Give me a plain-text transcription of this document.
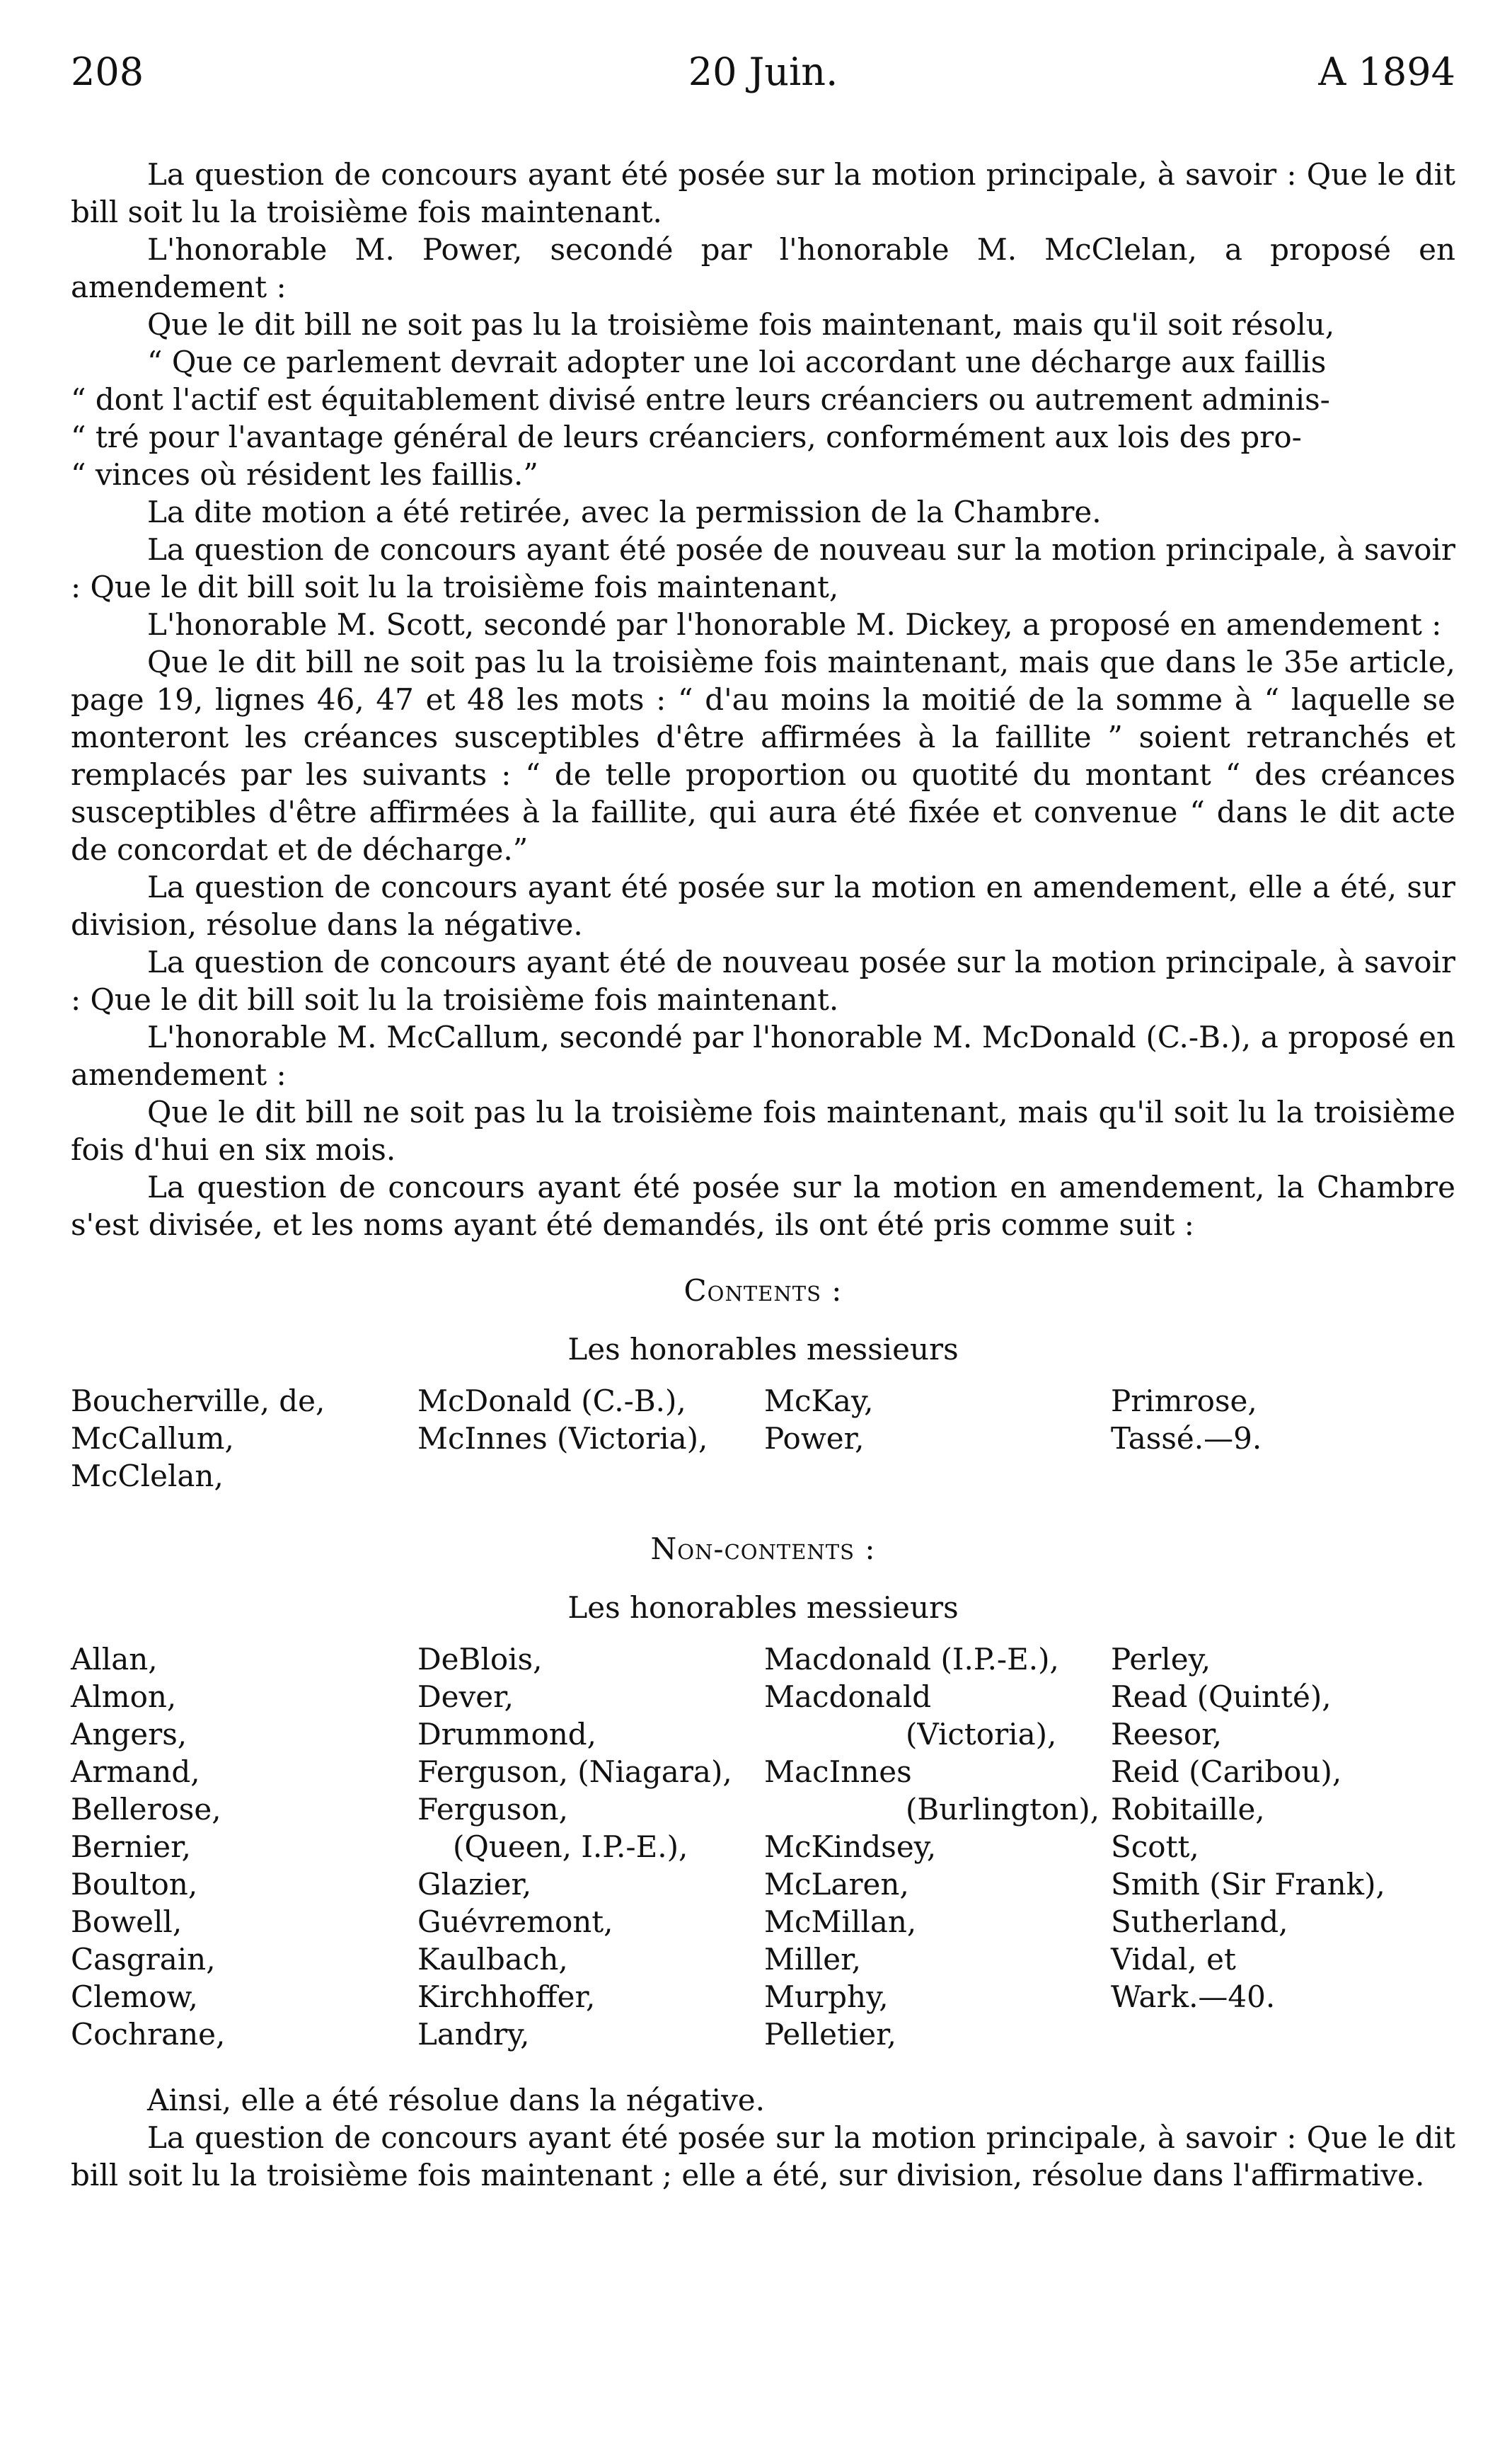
208	20 Juin.	A 1894

La question de concours ayant été posée sur la motion principale, à savoir : Que le dit bill soit lu la troisième fois maintenant.

L'honorable M. Power, secondé par l'honorable M. McClelan, a proposé en amendement :

Que le dit bill ne soit pas lu la troisième fois maintenant, mais qu'il soit résolu,

“ Que ce parlement devrait adopter une loi accordant une décharge aux faillis

“ dont l'actif est équitablement divisé entre leurs créanciers ou autrement adminis-

“ tré pour l'avantage général de leurs créanciers, conformément aux lois des pro-

“ vinces où résident les faillis.”

La dite motion a été retirée, avec la permission de la Chambre.

La question de concours ayant été posée de nouveau sur la motion principale, à savoir : Que le dit bill soit lu la troisième fois maintenant,

L'honorable M. Scott, secondé par l'honorable M. Dickey, a proposé en amendement :

Que le dit bill ne soit pas lu la troisième fois maintenant, mais que dans le 35e article, page 19, lignes 46, 47 et 48 les mots : “ d'au moins la moitié de la somme à “ laquelle se monteront les créances susceptibles d'être affirmées à la faillite ” soient retranchés et remplacés par les suivants : “ de telle proportion ou quotité du montant “ des créances susceptibles d'être affirmées à la faillite, qui aura été fixée et convenue “ dans le dit acte de concordat et de décharge.”

La question de concours ayant été posée sur la motion en amendement, elle a été, sur division, résolue dans la négative.

La question de concours ayant été de nouveau posée sur la motion principale, à savoir : Que le dit bill soit lu la troisième fois maintenant.

L'honorable M. McCallum, secondé par l'honorable M. McDonald (C.-B.), a proposé en amendement :

Que le dit bill ne soit pas lu la troisième fois maintenant, mais qu'il soit lu la troisième fois d'hui en six mois.

La question de concours ayant été posée sur la motion en amendement, la Chambre s'est divisée, et les noms ayant été demandés, ils ont été pris comme suit :

Contents :
Les honorables messieurs
Boucherville, de,	McDonald (C.-B.),	McKay,	Primrose,
McCallum,	McInnes (Victoria),	Power,	Tassé.—9.
McClelan,
Non-contents :
Les honorables messieurs
Allan,	DeBlois,	Macdonald (I.P.-E.),	Perley,
Almon,	Dever,	Macdonald	Read (Quinté),
Angers,	Drummond,	(Victoria),	Reesor,
Armand,	Ferguson, (Niagara),	MacInnes	Reid (Caribou),
Bellerose,	Ferguson,	(Burlington), Robitaille,
Bernier,	(Queen, I.P.-E.),	McKindsey,	Scott,
Boulton,	Glazier,	McLaren,	Smith (Sir Frank),
Bowell,	Guévremont,	McMillan,	Sutherland,
Casgrain,	Kaulbach,	Miller,	Vidal, et
Clemow,	Kirchhoffer,	Murphy,	Wark.—40.
Cochrane,	Landry,	Pelletier,

Ainsi, elle a été résolue dans la négative.

La question de concours ayant été posée sur la motion principale, à savoir : Que le dit bill soit lu la troisième fois maintenant ; elle a été, sur division, résolue dans l'affirmative.
